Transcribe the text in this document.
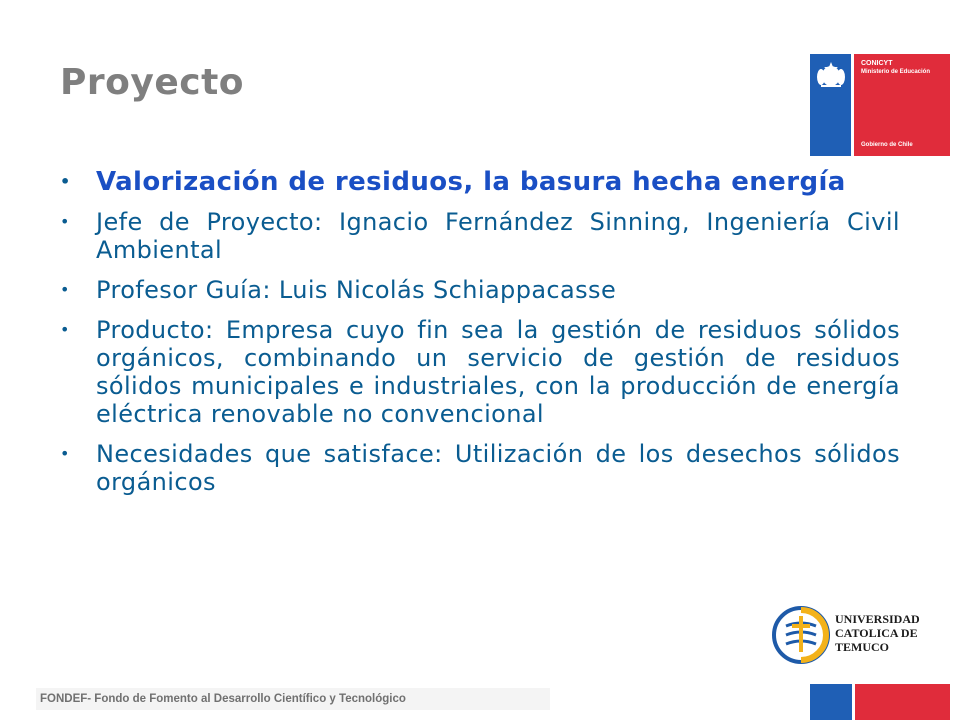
Proyecto	CONICYT
Ministerio de Educación
Gobierno de Chile
• Valorización de residuos, la basura hecha energía
• Jefe de Proyecto: Ignacio Fernández Sinning, Ingeniería Civil Ambiental
• Profesor Guía: Luis Nicolás Schiappacasse
• Producto: Empresa cuyo fin sea la gestión de residuos sólidos orgánicos, combinando un servicio de gestión de residuos sólidos municipales e industriales, con la producción de energía eléctrica renovable no convencional
• Necesidades que satisface: Utilización de los desechos sólidos orgánicos
UNIVERSIDAD
CATOLICA DE
TEMUCO
FONDEF- Fondo de Fomento al Desarrollo Científico y Tecnológico
